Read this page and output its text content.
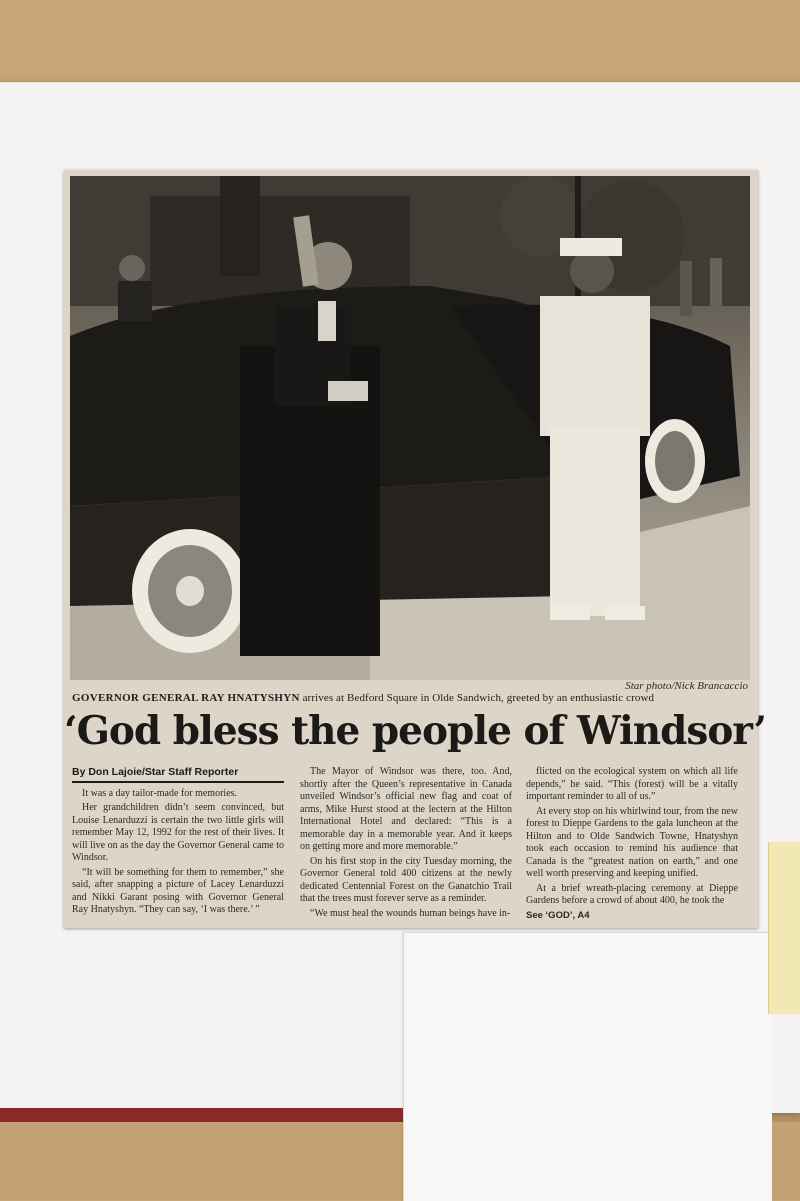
Star photo/Nick Brancaccio
GOVERNOR GENERAL RAY HNATYSHYN arrives at Bedford Square in Olde Sandwich, greeted by an enthusiastic crowd
‘God bless the people of Windsor’
By Don Lajoie/Star Staff Reporter

It was a day tailor-made for memories.

Her grandchildren didn’t seem convinced, but Louise Lenarduzzi is certain the two little girls will remember May 12, 1992 for the rest of their lives. It will live on as the day the Governor General came to Windsor.

“It will be something for them to remember,” she said, after snapping a picture of Lacey Lenarduzzi and Nikki Garant posing with Governor General Ray Hnatyshyn. “They can say, ‘I was there.’ ”

The Mayor of Windsor was there, too. And, shortly after the Queen’s representative in Canada unveiled Windsor’s official new flag and coat of arms, Mike Hurst stood at the lectern at the Hilton International Hotel and declared: “This is a memorable day in a memorable year. And it keeps on getting more and more memorable.”

On his first stop in the city Tuesday morning, the Governor General told 400 citizens at the newly dedicated Centennial Forest on the Ganatchio Trail that the trees must forever serve as a reminder.

“We must heal the wounds human beings have in-

flicted on the ecological system on which all life depends,” he said. “This (forest) will be a vitally important reminder to all of us.”

At every stop on his whirlwind tour, from the new forest to Dieppe Gardens to the gala luncheon at the Hilton and to Olde Sandwich Towne, Hnatyshyn took each occasion to remind his audience that Canada is the “greatest nation on earth,” and one well worth preserving and keeping unified.

At a brief wreath-placing ceremony at Dieppe Gardens before a crowd of about 400, he took the

See ‘GOD’, A4
